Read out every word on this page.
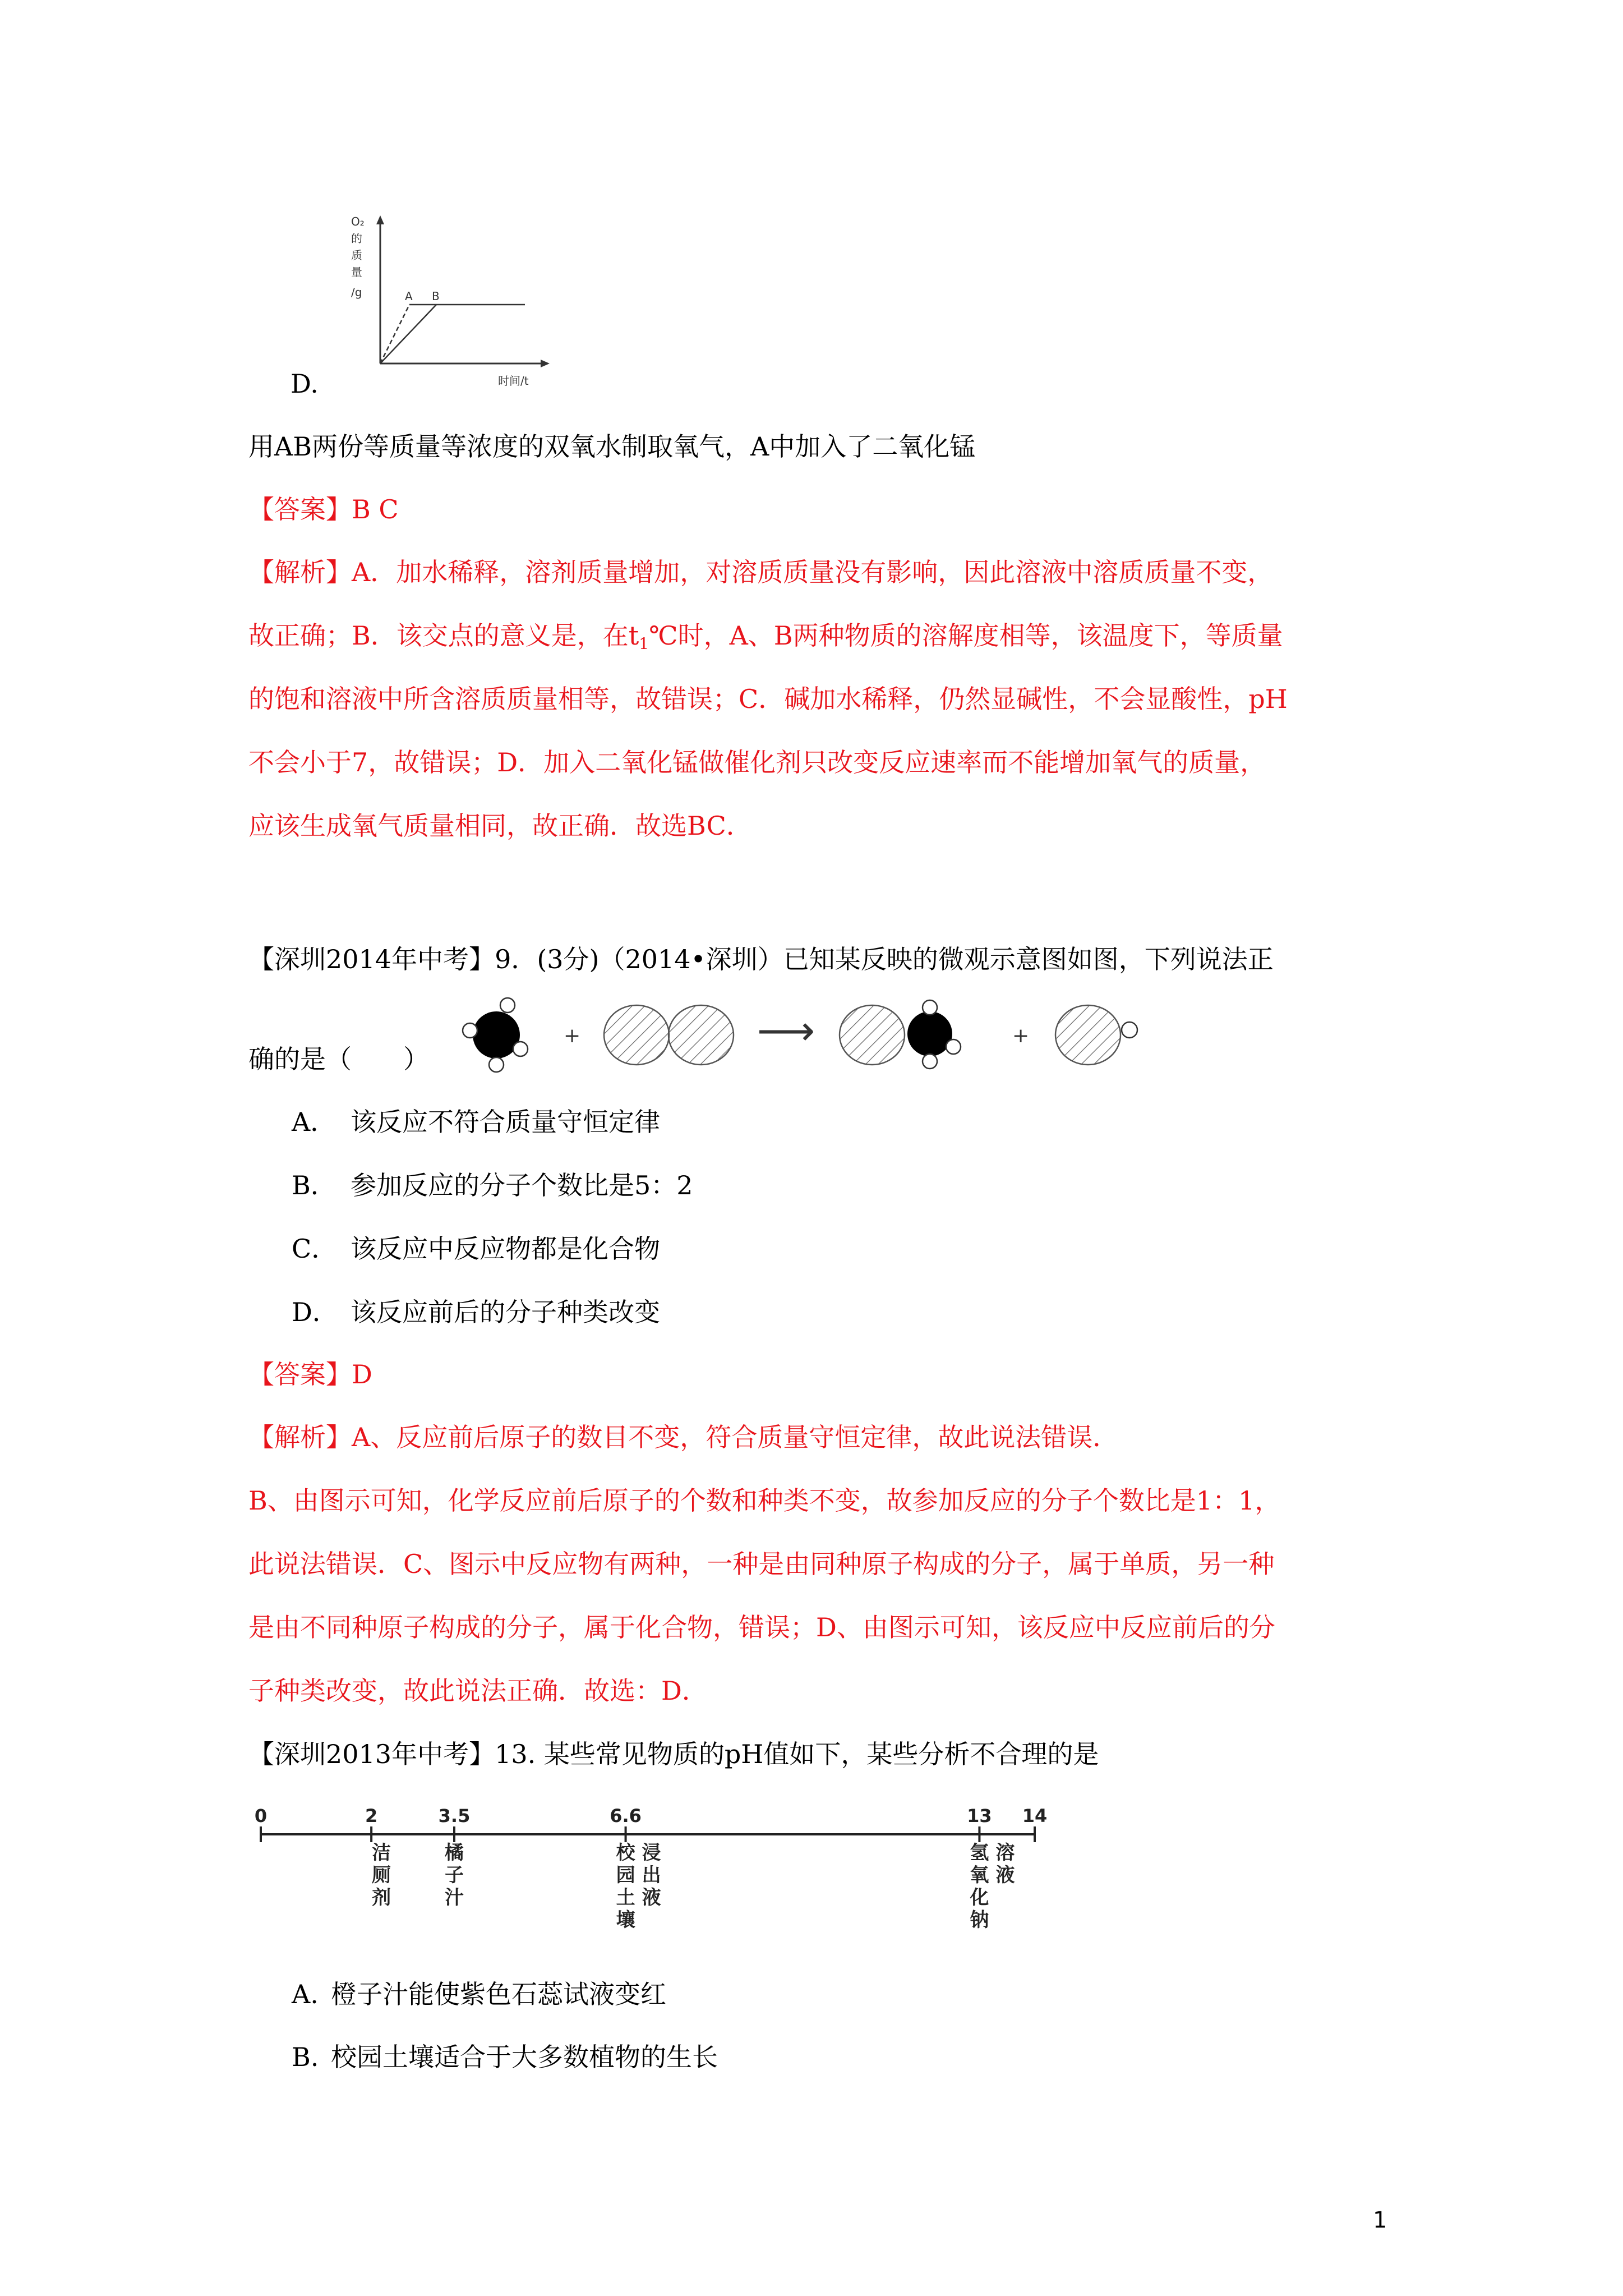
O₂
的
质
量
/g	A B
时间/t
D.
用AB两份等质量等浓度的双氧水制取氧气，A中加入了二氧化锰
【答案】B C
【解析】A．加水稀释，溶剂质量增加，对溶质质量没有影响，因此溶液中溶质质量不变，
故正确；B．该交点的意义是，在$t_1℃$时，A、B两种物质的溶解度相等，该温度下，等质量
的饱和溶液中所含溶质质量相等，故错误；C．碱加水稀释，仍然显碱性，不会显酸性，pH
不会小于7，故错误；D．加入二氧化锰做催化剂只改变反应速率而不能增加氧气的质量，
应该生成氧气质量相同，故正确．故选BC．
【深圳2014年中考】9．(3分)（2014•深圳）已知某反映的微观示意图如图，下列说法正
+	⟶	+
确的是（　　）
A． 该反应不符合质量守恒定律
B． 参加反应的分子个数比是5：2
C． 该反应中反应物都是化合物
D． 该反应前后的分子种类改变
【答案】D
【解析】A、反应前后原子的数目不变，符合质量守恒定律，故此说法错误．
B、由图示可知，化学反应前后原子的个数和种类不变，故参加反应的分子个数比是1：1，
此说法错误．C、图示中反应物有两种，一种是由同种原子构成的分子，属于单质，另一种
是由不同种原子构成的分子，属于化合物，错误；D、由图示可知，该反应中反应前后的分
子种类改变，故此说法正确．故选：D．
【深圳2013年中考】13. 某些常见物质的pH值如下，某些分析不合理的是
0	2
洁
厕
剂
3.5
橘
子
汁
6.6
校
园
土
壤
13
氢
氧
化
钠
14
浸
出
液
溶
液
A. 橙子汁能使紫色石蕊试液变红
B. 校园土壤适合于大多数植物的生长
1
